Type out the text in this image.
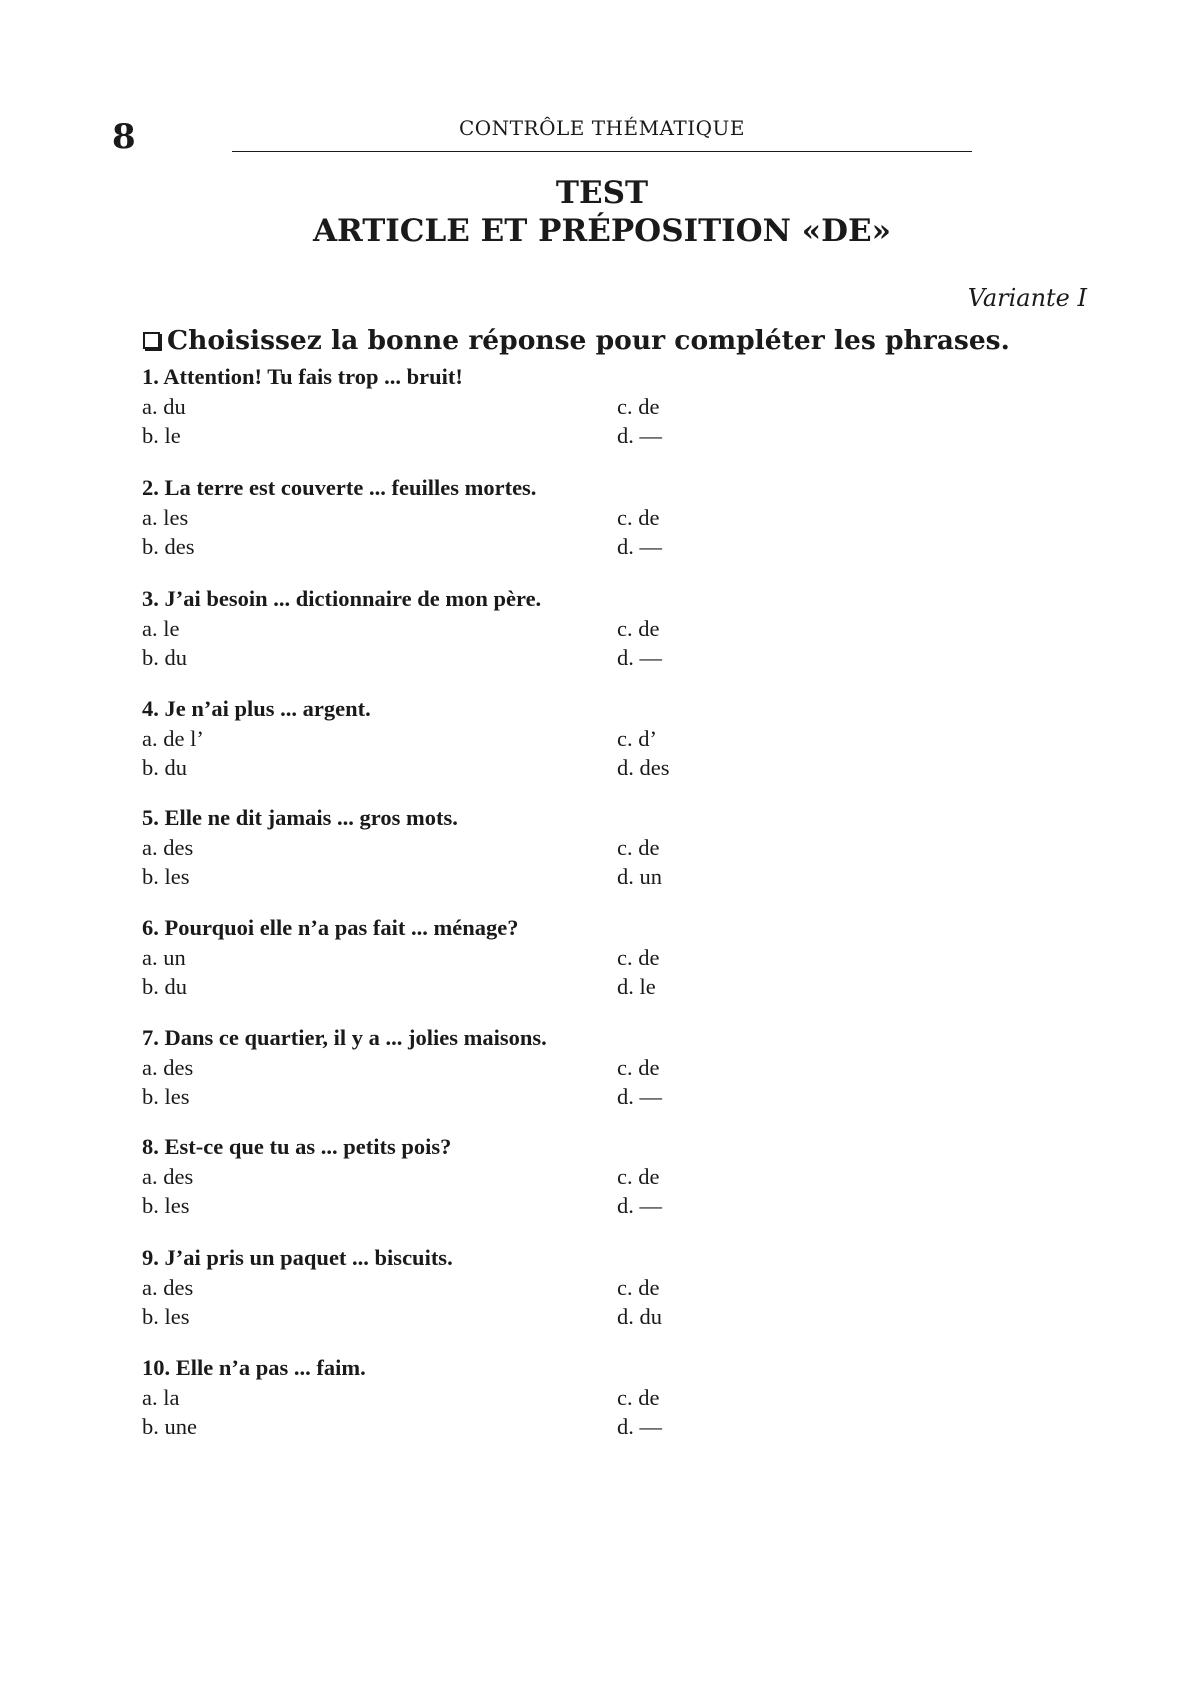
8	CONTRÔLE THÉMATIQUE
TEST
ARTICLE ET PRÉPOSITION «DE»
Variante I
Choisissez la bonne réponse pour compléter les phrases.
1. Attention! Tu fais trop ... bruit!
a. du	c. de
b. le	d. —
2. La terre est couverte ... feuilles mortes.
a. les	c. de
b. des	d. —
3. J’ai besoin ... dictionnaire de mon père.
a. le	c. de
b. du	d. —
4. Je n’ai plus ... argent.
a. de l’	c. d’
b. du	d. des
5. Elle ne dit jamais ... gros mots.
a. des	c. de
b. les	d. un
6. Pourquoi elle n’a pas fait ... ménage?
a. un	c. de
b. du	d. le
7. Dans ce quartier, il y a ... jolies maisons.
a. des	c. de
b. les	d. —
8. Est-ce que tu as ... petits pois?
a. des	c. de
b. les	d. —
9. J’ai pris un paquet ... biscuits.
a. des	c. de
b. les	d. du
10. Elle n’a pas ... faim.
a. la	c. de
b. une	d. —
